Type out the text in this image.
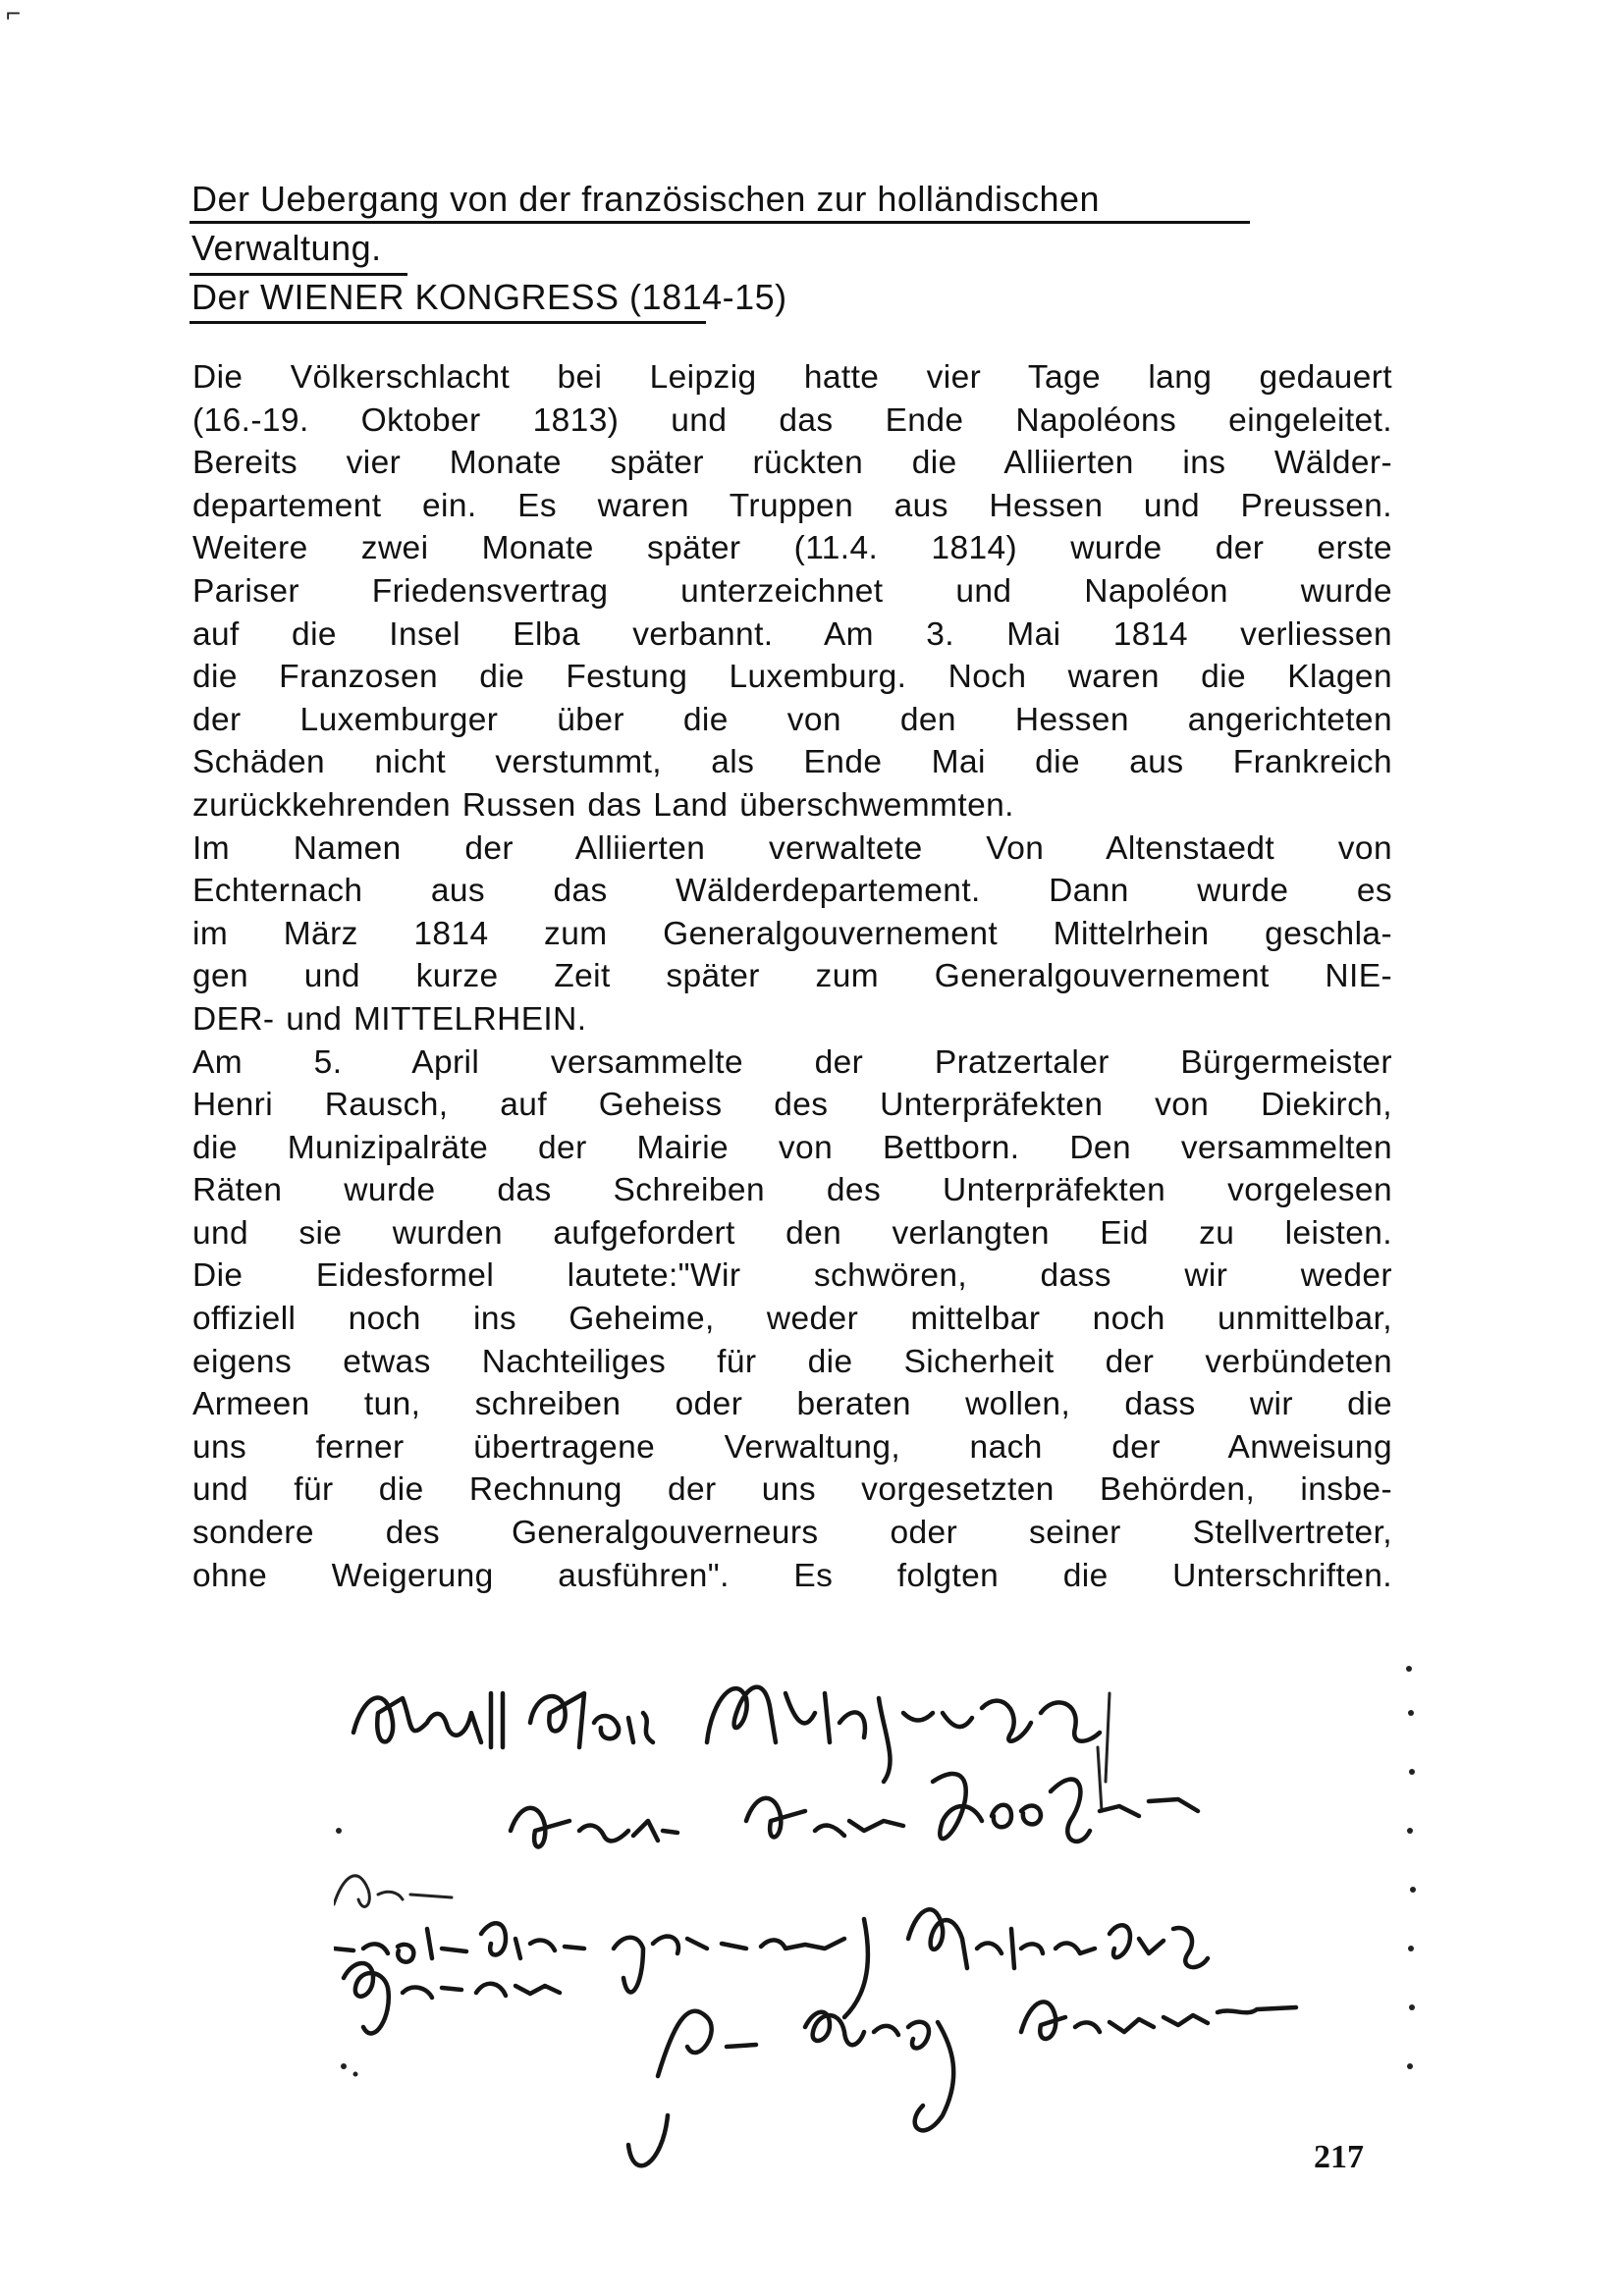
⌐
Der Uebergang von der französischen zur holländischen
Verwaltung.
Der WIENER KONGRESS (1814-15)
Die Völkerschlacht bei Leipzig hatte vier Tage lang gedauert
(16.-19. Oktober 1813) und das Ende Napoléons eingeleitet.
Bereits vier Monate später rückten die Alliierten ins Wälder-
departement ein. Es waren Truppen aus Hessen und Preussen.
Weitere zwei Monate später (11.4. 1814) wurde der erste
Pariser Friedensvertrag unterzeichnet und Napoléon wurde
auf die Insel Elba verbannt. Am 3. Mai 1814 verliessen
die Franzosen die Festung Luxemburg. Noch waren die Klagen
der Luxemburger über die von den Hessen angerichteten
Schäden nicht verstummt, als Ende Mai die aus Frankreich
zurückkehrenden Russen das Land überschwemmten.
Im Namen der Alliierten verwaltete Von Altenstaedt von
Echternach aus das Wälderdepartement. Dann wurde es
im März 1814 zum Generalgouvernement Mittelrhein geschla-
gen und kurze Zeit später zum Generalgouvernement NIE-
DER- und MITTELRHEIN.
Am 5. April versammelte der Pratzertaler Bürgermeister
Henri Rausch, auf Geheiss des Unterpräfekten von Diekirch,
die Munizipalräte der Mairie von Bettborn. Den versammelten
Räten wurde das Schreiben des Unterpräfekten vorgelesen
und sie wurden aufgefordert den verlangten Eid zu leisten.
Die Eidesformel lautete:"Wir schwören, dass wir weder
offiziell noch ins Geheime, weder mittelbar noch unmittelbar,
eigens etwas Nachteiliges für die Sicherheit der verbündeten
Armeen tun, schreiben oder beraten wollen, dass wir die
uns ferner übertragene Verwaltung, nach der Anweisung
und für die Rechnung der uns vorgesetzten Behörden, insbe-
sondere des Generalgouverneurs oder seiner Stellvertreter,
ohne Weigerung ausführen". Es folgten die Unterschriften.
217
